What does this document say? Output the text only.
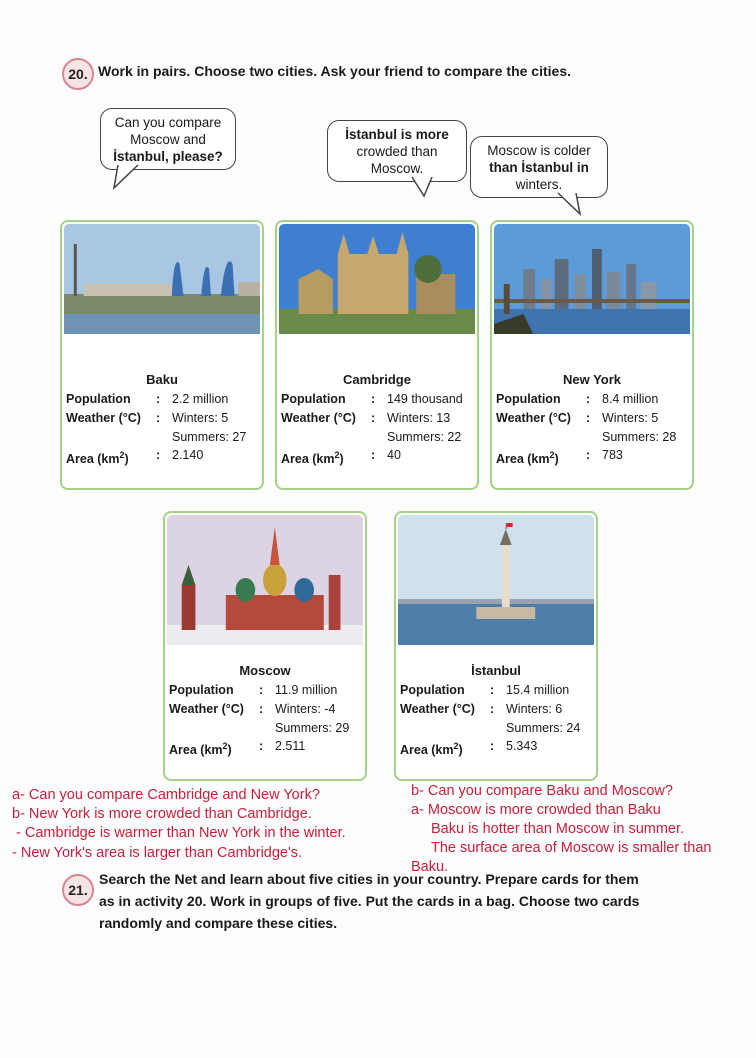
20. Work in pairs. Choose two cities. Ask your friend to compare the cities.
Can you compare
Moscow and
İstanbul, please?
İstanbul is more
crowded than
Moscow.
Moscow is colder
than İstanbul in
winters.
Baku
Population : 2.2 million
Weather (°C) : Winters: 5
Summers: 27
Area $(km^2)$ : 2.140
Cambridge
Population : 149 thousand
Weather (°C) : Winters: 13
Summers: 22
Area $(km^2)$ : 40
New York
Population : 8.4 million
Weather (°C) : Winters: 5
Summers: 28
Area $(km^2)$ : 783
Moscow
Population : 11.9 million
Weather (°C) : Winters: -4
Summers: 29
Area $(km^2)$ : 2.511
İstanbul
Population : 15.4 million
Weather (°C) : Winters: 6
Summers: 24
Area $(km^2)$ : 5.343
a- Can you compare Cambridge and New York?
b- New York is more crowded than Cambridge.
- Cambridge is warmer than New York in the winter.
- New York's area is larger than Cambridge's.
b- Can you compare Baku and Moscow?
a- Moscow is more crowded than Baku
Baku is hotter than Moscow in summer.
The surface area of Moscow is smaller than
Baku.
21.
Search the Net and learn about five cities in your country. Prepare cards for them
as in activity 20. Work in groups of five. Put the cards in a bag. Choose two cards
randomly and compare these cities.
